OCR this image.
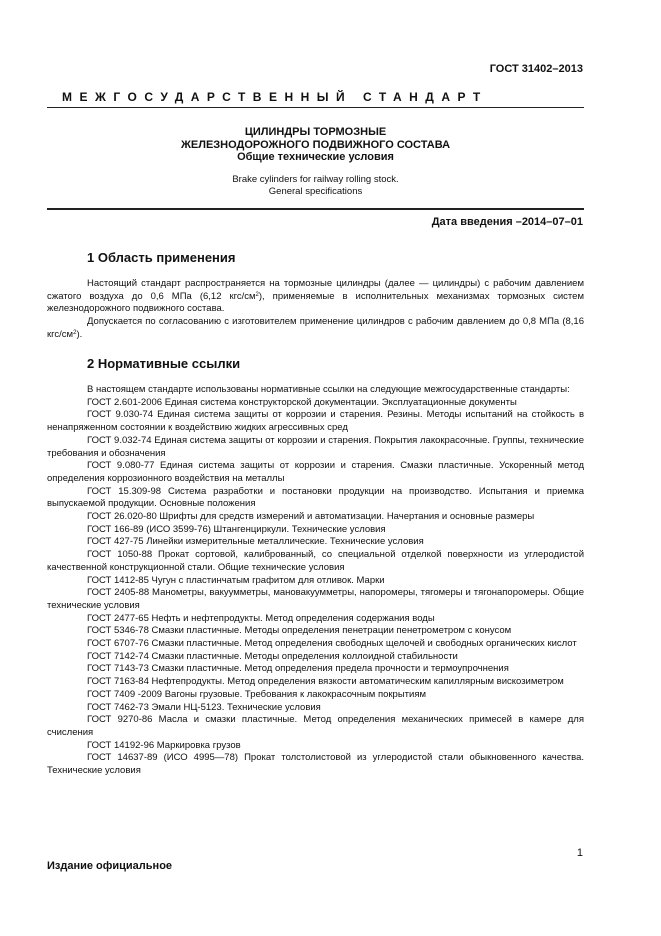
ГОСТ 31402–2013
МЕЖГОСУДАРСТВЕННЫЙ СТАНДАРТ
ЦИЛИНДРЫ ТОРМОЗНЫЕ
ЖЕЛЕЗНОДОРОЖНОГО ПОДВИЖНОГО СОСТАВА
Общие технические условия
Brake cylinders for railway rolling stock.
General specifications
Дата введения –2014–07–01
1 Область применения

Настоящий стандарт распространяется на тормозные цилиндры (далее — цилиндры) с рабочим давлением сжатого воздуха до 0,6 МПа (6,12 кгс/$см^2$), применяемые в исполнительных механизмах тормозных систем железнодорожного подвижного состава.

Допускается по согласованию с изготовителем применение цилиндров с рабочим давлением до 0,8 МПа (8,16 кгс/$см^2$).

2 Нормативные ссылки

В настоящем стандарте использованы нормативные ссылки на следующие межгосударственные стандарты:

ГОСТ 2.601-2006 Единая система конструкторской документации. Эксплуатационные документы

ГОСТ 9.030-74 Единая система защиты от коррозии и старения. Резины. Методы испытаний на стойкость в ненапряженном состоянии к воздействию жидких агрессивных сред

ГОСТ 9.032-74 Единая система защиты от коррозии и старения. Покрытия лакокрасочные. Группы, технические требования и обозначения

ГОСТ 9.080-77 Единая система защиты от коррозии и старения. Смазки пластичные. Ускоренный метод определения коррозионного воздействия на металлы

ГОСТ 15.309-98 Система разработки и постановки продукции на производство. Испытания и приемка выпускаемой продукции. Основные положения

ГОСТ 26.020-80 Шрифты для средств измерений и автоматизации. Начертания и основные размеры

ГОСТ 166-89 (ИСО 3599-76) Штангенциркули. Технические условия

ГОСТ 427-75 Линейки измерительные металлические. Технические условия

ГОСТ 1050-88 Прокат сортовой, калиброванный, со специальной отделкой поверхности из углеродистой качественной конструкционной стали. Общие технические условия

ГОСТ 1412-85 Чугун с пластинчатым графитом для отливок. Марки

ГОСТ 2405-88 Манометры, вакуумметры, мановакуумметры, напоромеры, тягомеры и тягонапоромеры. Общие технические условия

ГОСТ 2477-65 Нефть и нефтепродукты. Метод определения содержания воды

ГОСТ 5346-78 Смазки пластичные. Методы определения пенетрации пенетрометром с конусом

ГОСТ 6707-76 Смазки пластичные. Метод определения свободных щелочей и свободных органических кислот

ГОСТ 7142-74 Смазки пластичные. Методы определения коллоидной стабильности

ГОСТ 7143-73 Смазки пластичные. Метод определения предела прочности и термоупрочнения

ГОСТ 7163-84 Нефтепродукты. Метод определения вязкости автоматическим капиллярным вискозиметром

ГОСТ 7409 -2009 Вагоны грузовые. Требования к лакокрасочным покрытиям

ГОСТ 7462-73 Эмали НЦ-5123. Технические условия

ГОСТ 9270-86 Масла и смазки пластичные. Метод определения механических примесей в камере для счисления

ГОСТ 14192-96 Маркировка грузов

ГОСТ 14637-89 (ИСО 4995—78) Прокат толстолистовой из углеродистой стали обыкновенного качества. Технические условия

1
Издание официальное
